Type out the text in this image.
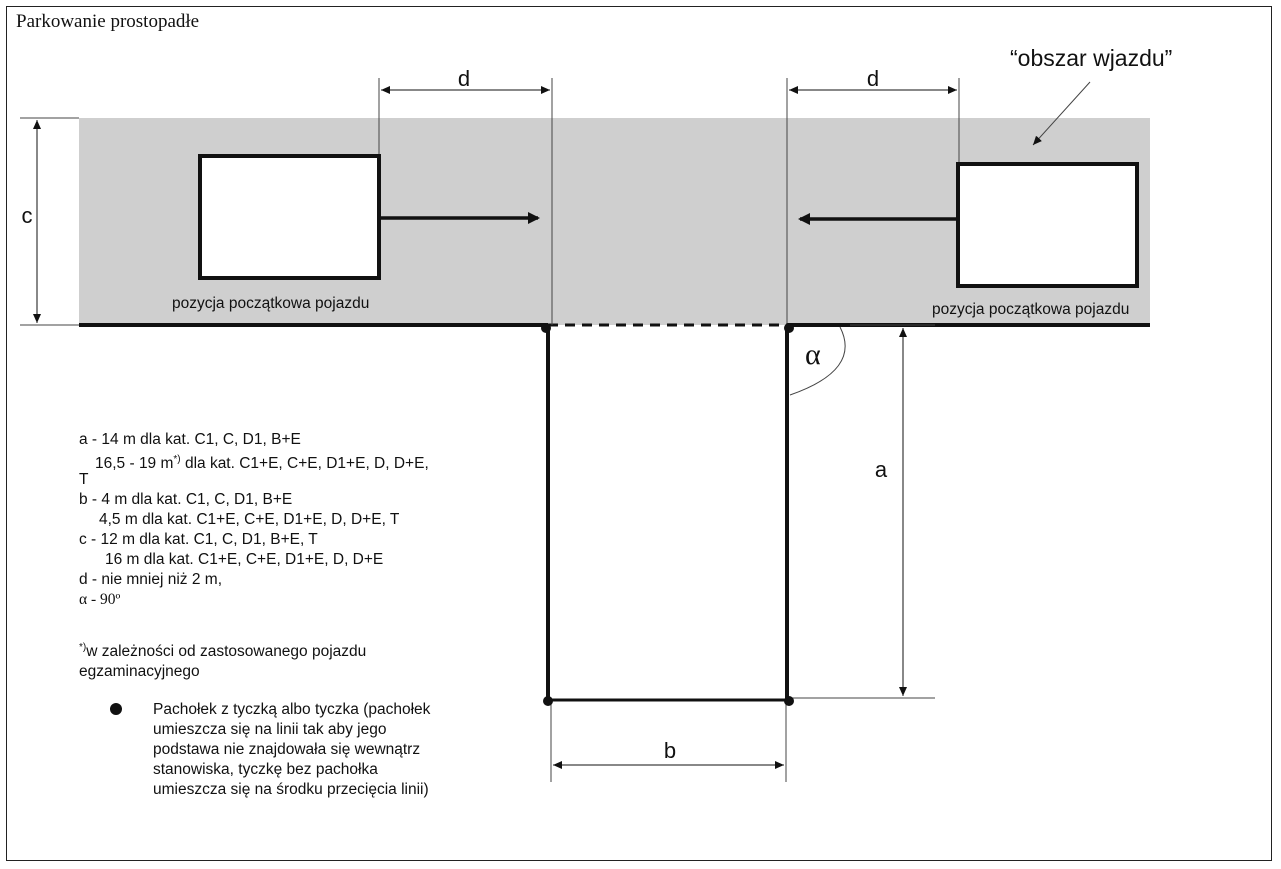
Parkowanie prostopadłe
d	d
c
a
b
α
“obszar wjazdu”
pozycja początkowa pojazdu	pozycja początkowa pojazdu
a - 14 m dla kat. C1, C, D1, B+E
16,5 - 19 m*) dla kat. C1+E, C+E, D1+E, D, D+E,
T
b - 4 m dla kat. C1, C, D1, B+E
4,5 m dla kat. C1+E, C+E, D1+E, D, D+E, T
c - 12 m dla kat. C1, C, D1, B+E, T
16 m dla kat. C1+E, C+E, D1+E, D, D+E
d - nie mniej niż 2 m,
α - 90º
*)w zależności od zastosowanego pojazdu
egzaminacyjnego
Pachołek z tyczką albo tyczka (pachołek
umieszcza się na linii tak aby jego
podstawa nie znajdowała się wewnątrz
stanowiska, tyczkę bez pachołka
umieszcza się na środku przecięcia linii)
